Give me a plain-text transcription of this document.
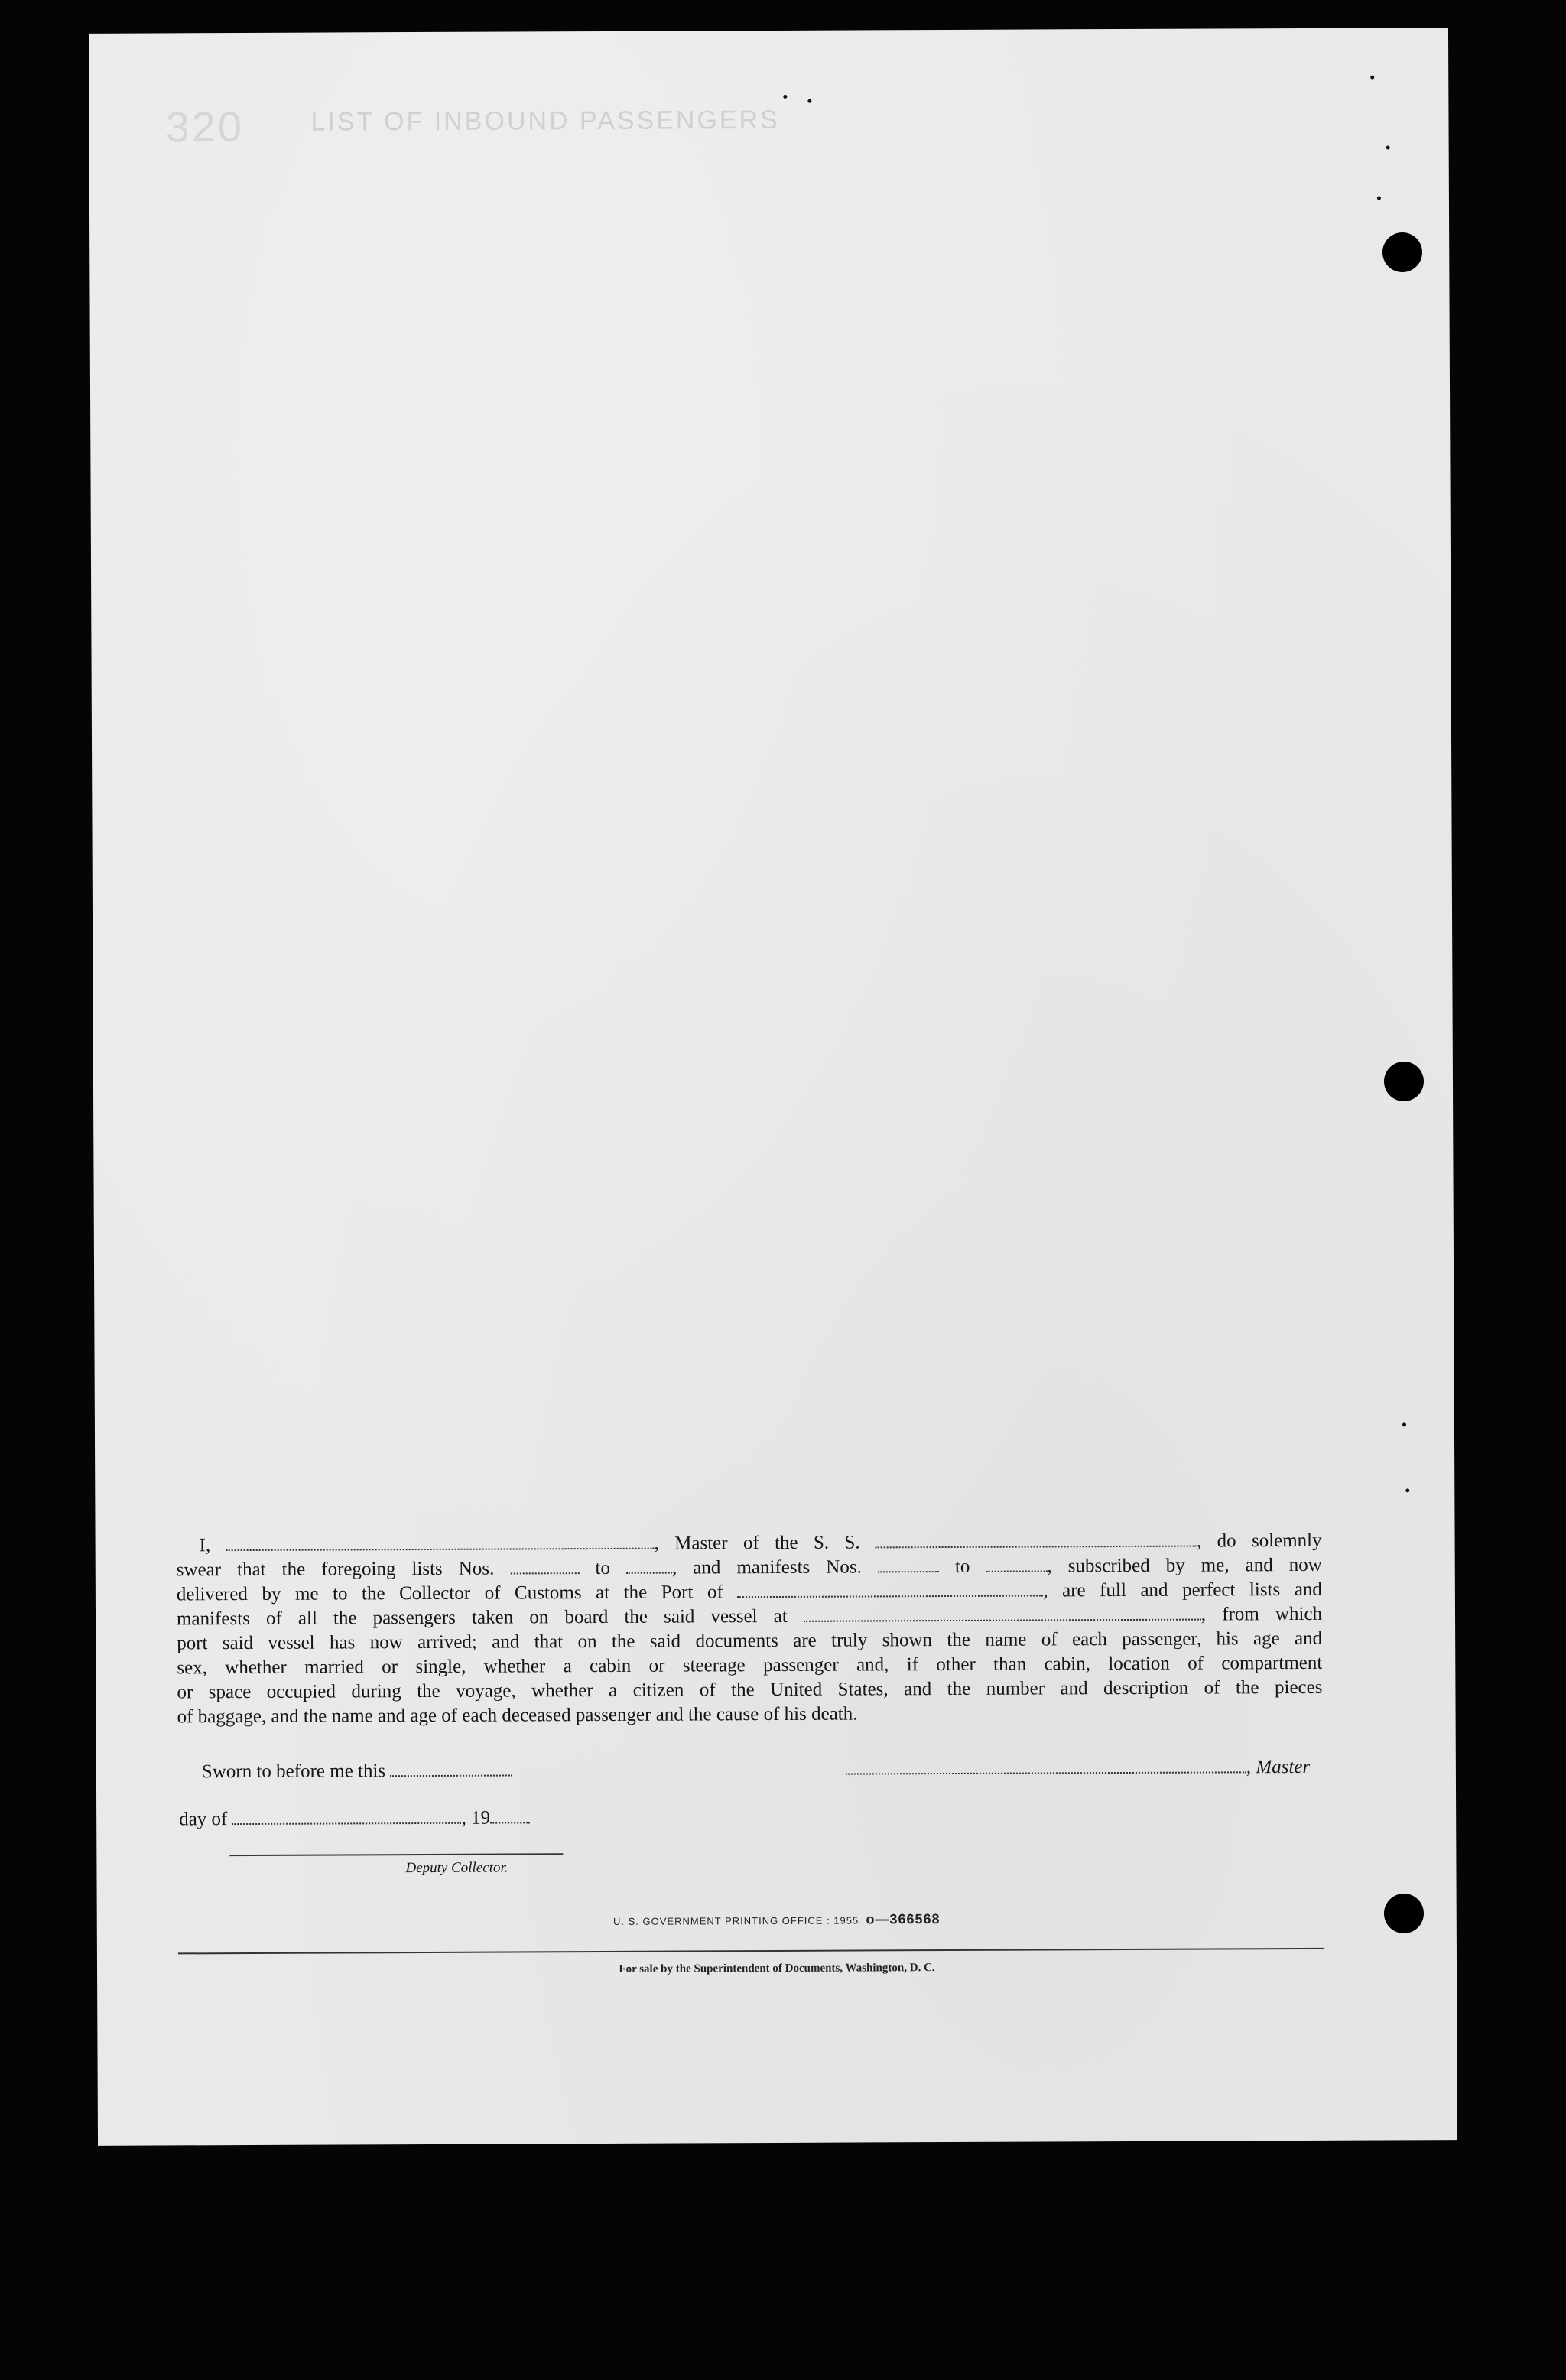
320	LIST OF INBOUND PASSENGERS
I,	, Master of the S. S.	, do solemnly
swear that the foregoing lists Nos.	to	, and manifests Nos.	to	, subscribed by me, and now
delivered by me to the Collector of Customs at the Port of	, are full and perfect lists and
manifests of all the passengers taken on board the said vessel at	, from which
port said vessel has now arrived; and that on the said documents are truly shown the name of each passenger, his age and
sex, whether married or single, whether a cabin or steerage passenger and, if other than cabin, location of compartment
or space occupied during the voyage, whether a citizen of the United States, and the number and description of the pieces
of baggage, and the name and age of each deceased passenger and the cause of his death.
Sworn to before me this	, Master
day of	, 19
Deputy Collector.
U. S. GOVERNMENT PRINTING OFFICE : 1955 o—366568
For sale by the Superintendent of Documents, Washington, D. C.
